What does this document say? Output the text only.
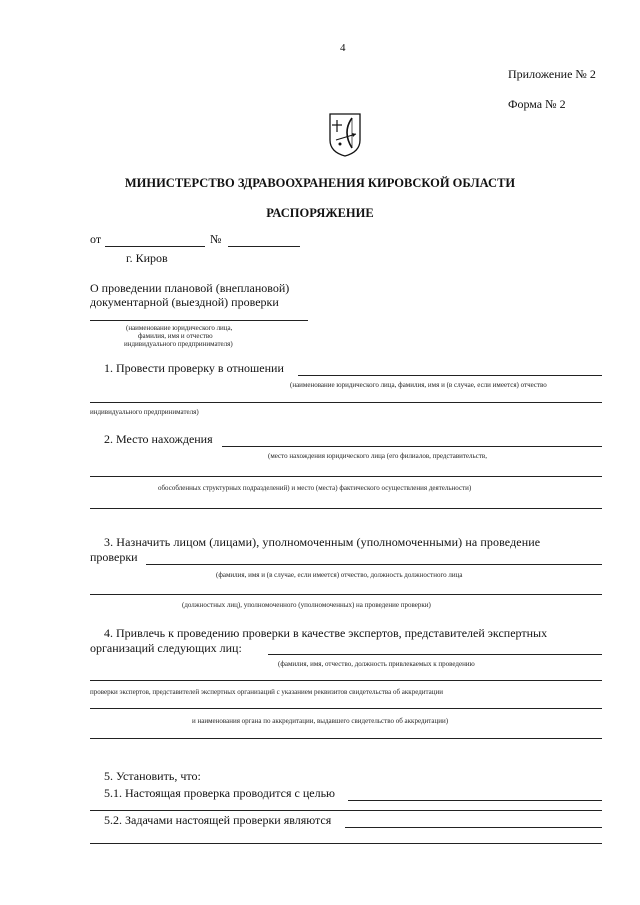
4
Приложение № 2
Форма № 2
МИНИСТЕРСТВО ЗДРАВООХРАНЕНИЯ КИРОВСКОЙ ОБЛАСТИ
РАСПОРЯЖЕНИЕ
от	№
г. Киров
О проведении плановой (внеплановой)
документарной (выездной) проверки
(наименование юридического лица,
фамилия, имя и отчество
индивидуального предпринимателя)
1. Провести проверку в отношении
(наименование юридического лица, фамилия, имя и (в случае, если имеется) отчество
индивидуального предпринимателя)
2. Место нахождения
(место нахождения юридического лица (его филиалов, представительств,
обособленных структурных подразделений) и место (места) фактического осуществления деятельности)
3. Назначить лицом (лицами), уполномоченным (уполномоченными) на проведение
проверки
(фамилия, имя и (в случае, если имеется) отчество, должность должностного лица
(должностных лиц), уполномоченного (уполномоченных) на проведение проверки)
4. Привлечь к проведению проверки в качестве экспертов, представителей экспертных
организаций следующих лиц:
(фамилия, имя, отчество, должность привлекаемых к проведению
проверки экспертов, представителей экспертных организаций с указанием реквизитов свидетельства об аккредитации
и наименования органа по аккредитации, выдавшего свидетельство об аккредитации)
5. Установить, что:
5.1. Настоящая проверка проводится с целью
5.2. Задачами настоящей проверки являются
